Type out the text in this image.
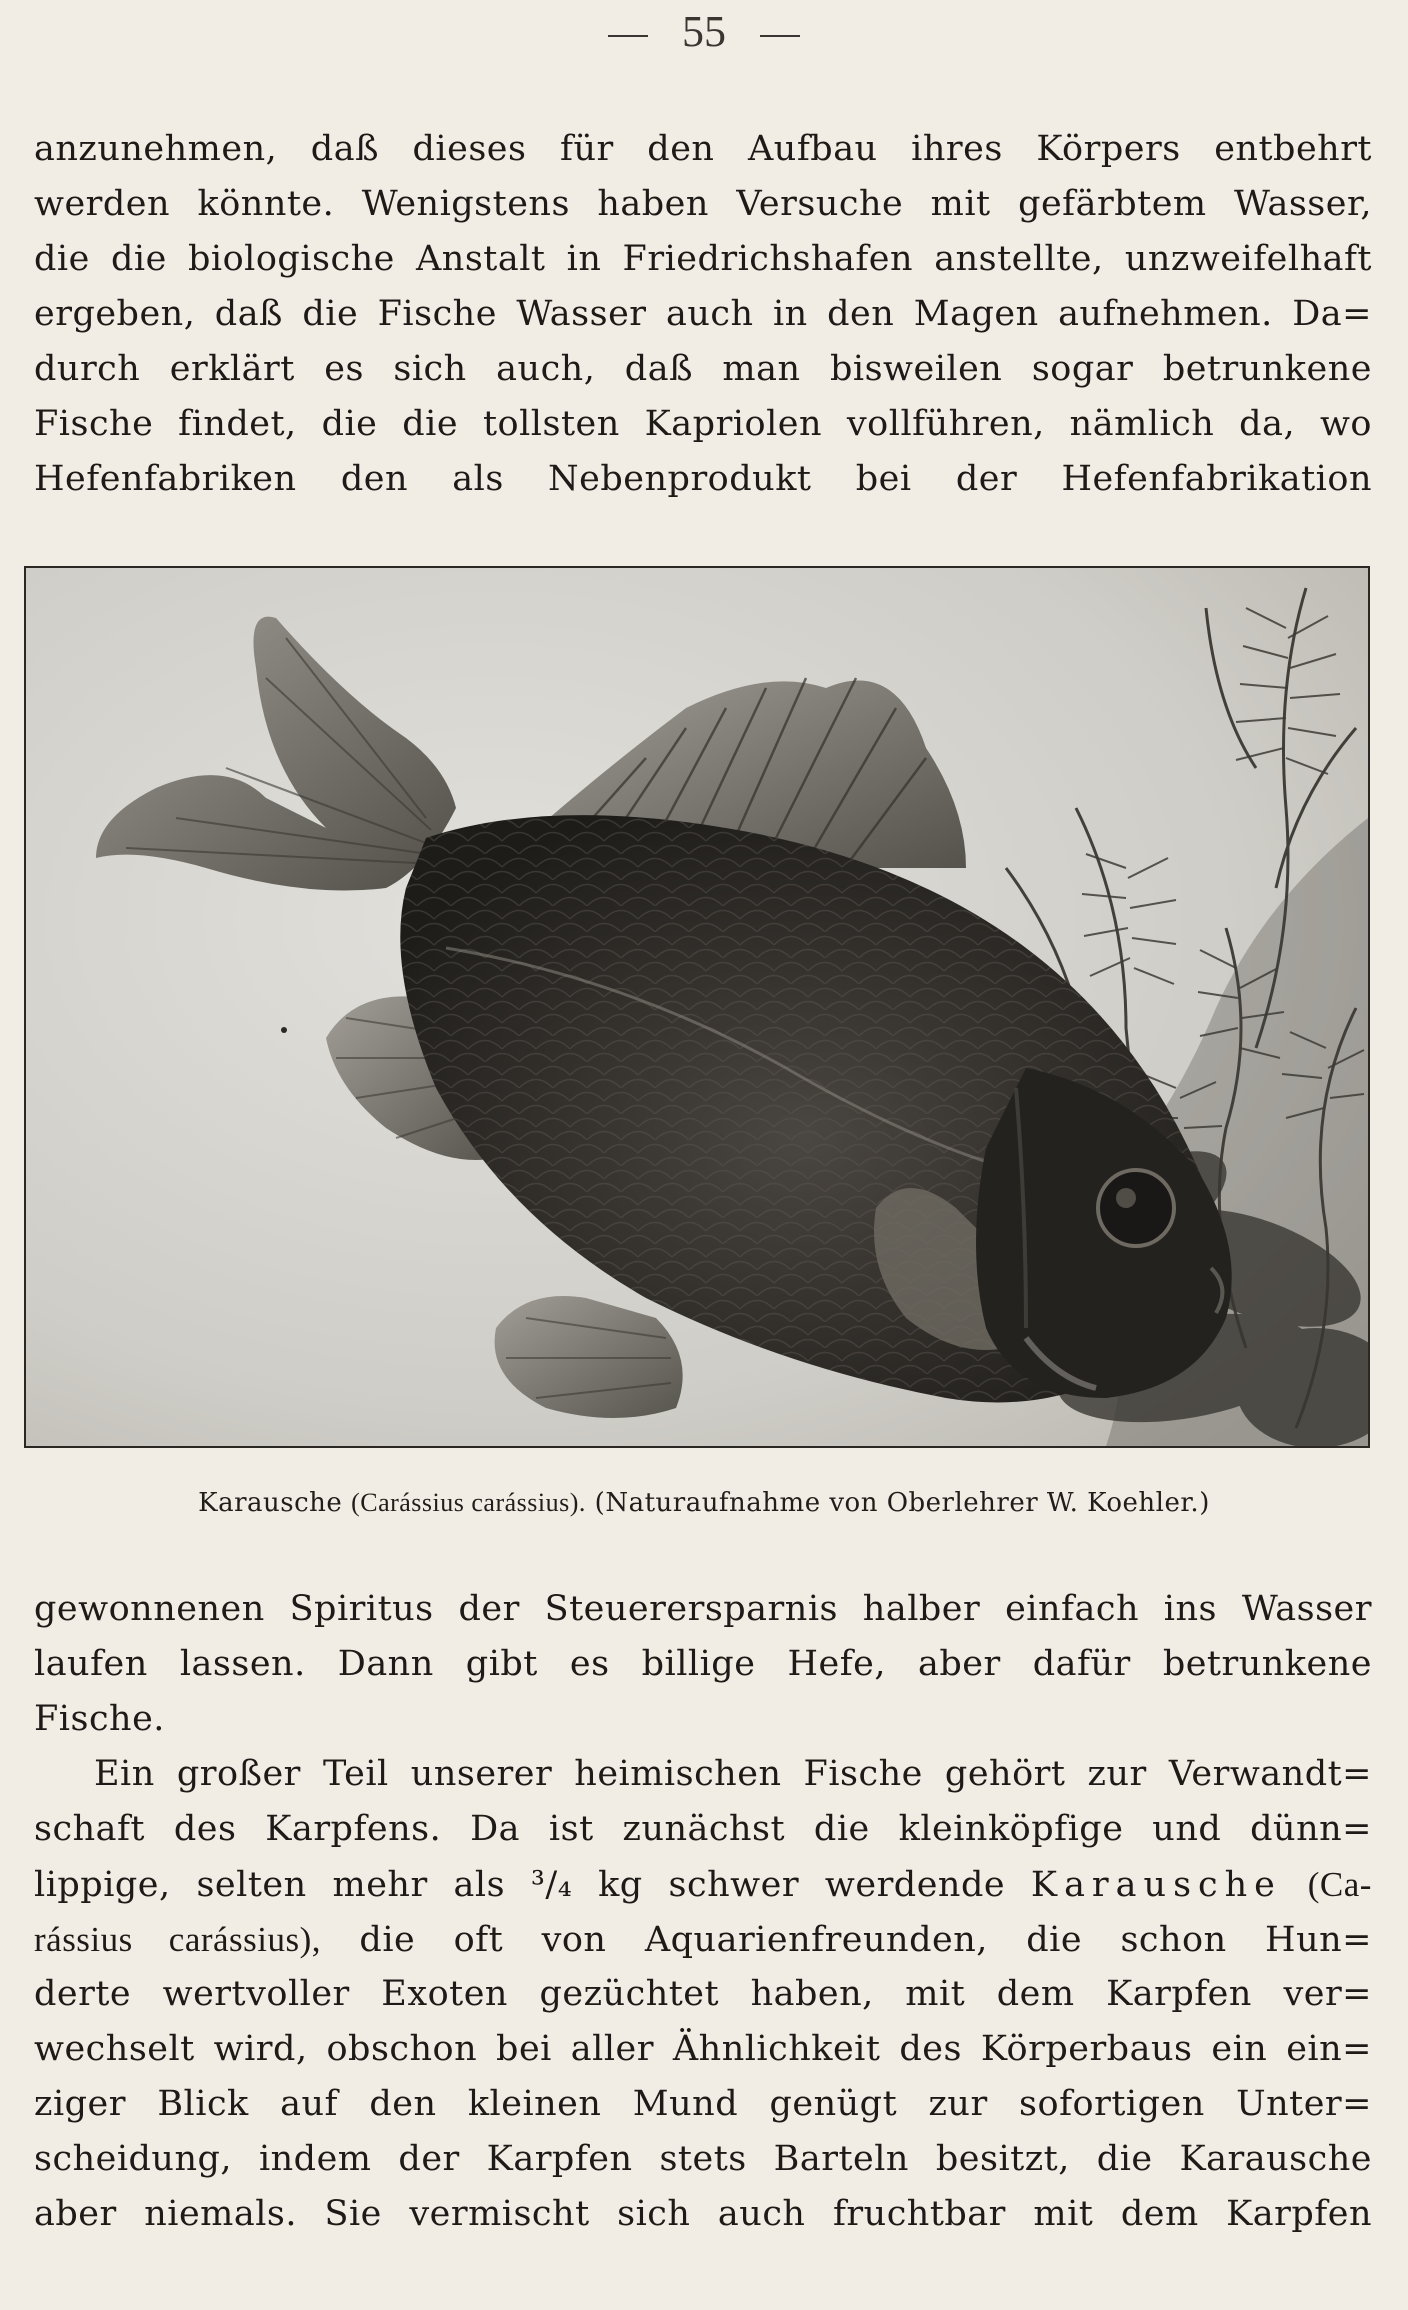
55
anzunehmen, daß dieses für den Aufbau ihres Körpers entbehrt
werden könnte. Wenigstens haben Versuche mit gefärbtem Wasser,
die die biologische Anstalt in Friedrichshafen anstellte, unzweifelhaft
ergeben, daß die Fische Wasser auch in den Magen aufnehmen. Da=
durch erklärt es sich auch, daß man bisweilen sogar betrunkene
Fische findet, die die tollsten Kapriolen vollführen, nämlich da, wo
Hefenfabriken den als Nebenprodukt bei der Hefenfabrikation
Karausche (Carássius carássius). (Naturaufnahme von Oberlehrer W. Koehler.)
gewonnenen Spiritus der Steuerersparnis halber einfach ins Wasser
laufen lassen. Dann gibt es billige Hefe, aber dafür betrunkene
Fische.
Ein großer Teil unserer heimischen Fische gehört zur Verwandt=
schaft des Karpfens. Da ist zunächst die kleinköpfige und dünn=
lippige, selten mehr als ³/₄ kg schwer werdende Karausche (Ca-
rássius carássius), die oft von Aquarienfreunden, die schon Hun=
derte wertvoller Exoten gezüchtet haben, mit dem Karpfen ver=
wechselt wird, obschon bei aller Ähnlichkeit des Körperbaus ein ein=
ziger Blick auf den kleinen Mund genügt zur sofortigen Unter=
scheidung, indem der Karpfen stets Barteln besitzt, die Karausche
aber niemals. Sie vermischt sich auch fruchtbar mit dem Karpfen
